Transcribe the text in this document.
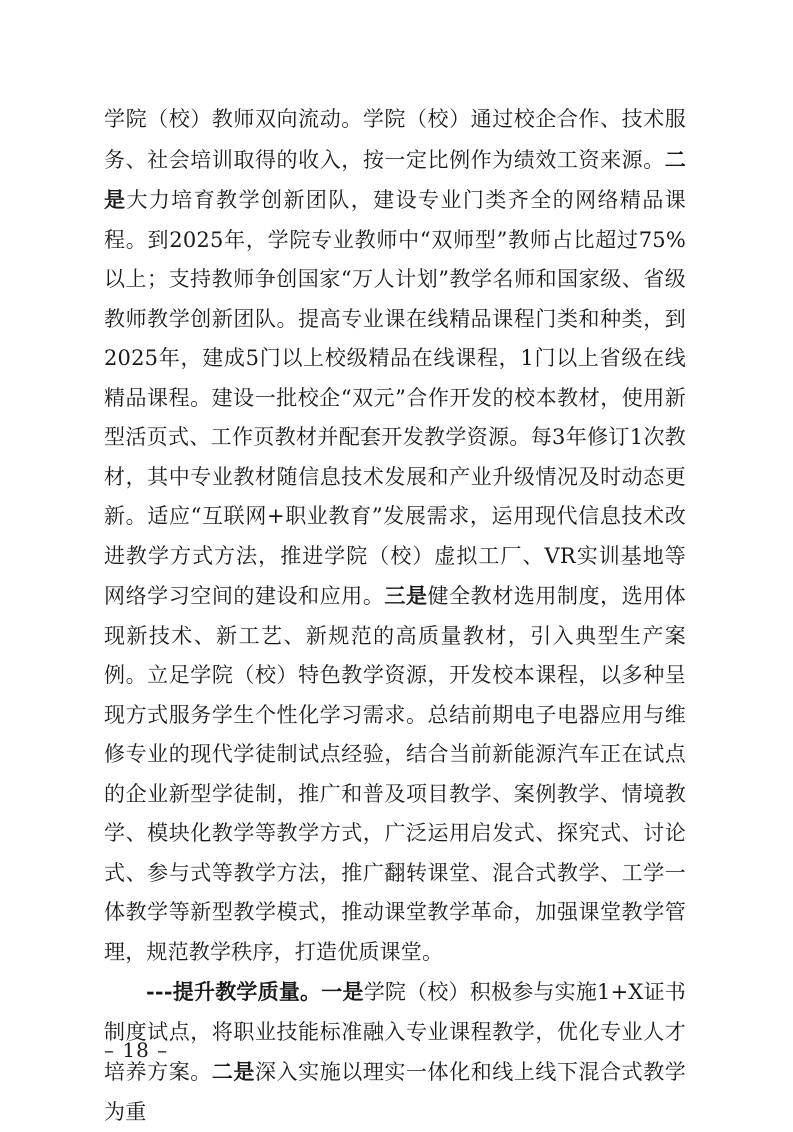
学院（校）教师双向流动。学院（校）通过校企合作、技术服务、社会培训取得的收入，按一定比例作为绩效工资来源。二是大力培育教学创新团队，建设专业门类齐全的网络精品课程。到2025年，学院专业教师中“双师型”教师占比超过75%以上；支持教师争创国家“万人计划”教学名师和国家级、省级教师教学创新团队。提高专业课在线精品课程门类和种类，到2025年，建成5门以上校级精品在线课程，1门以上省级在线精品课程。建设一批校企“双元”合作开发的校本教材，使用新型活页式、工作页教材并配套开发教学资源。每3年修订1次教材，其中专业教材随信息技术发展和产业升级情况及时动态更新。适应“互联网+职业教育”发展需求，运用现代信息技术改进教学方式方法，推进学院（校）虚拟工厂、VR实训基地等网络学习空间的建设和应用。三是健全教材选用制度，选用体现新技术、新工艺、新规范的高质量教材，引入典型生产案例。立足学院（校）特色教学资源，开发校本课程，以多种呈现方式服务学生个性化学习需求。总结前期电子电器应用与维修专业的现代学徒制试点经验，结合当前新能源汽车正在试点的企业新型学徒制，推广和普及项目教学、案例教学、情境教学、模块化教学等教学方式，广泛运用启发式、探究式、讨论式、参与式等教学方法，推广翻转课堂、混合式教学、工学一体教学等新型教学模式，推动课堂教学革命，加强课堂教学管理，规范教学秩序，打造优质课堂。

---提升教学质量。一是学院（校）积极参与实施1+X证书制度试点，将职业技能标准融入专业课程教学，优化专业人才培养方案。二是深入实施以理实一体化和线上线下混合式教学为重

– 18 –
